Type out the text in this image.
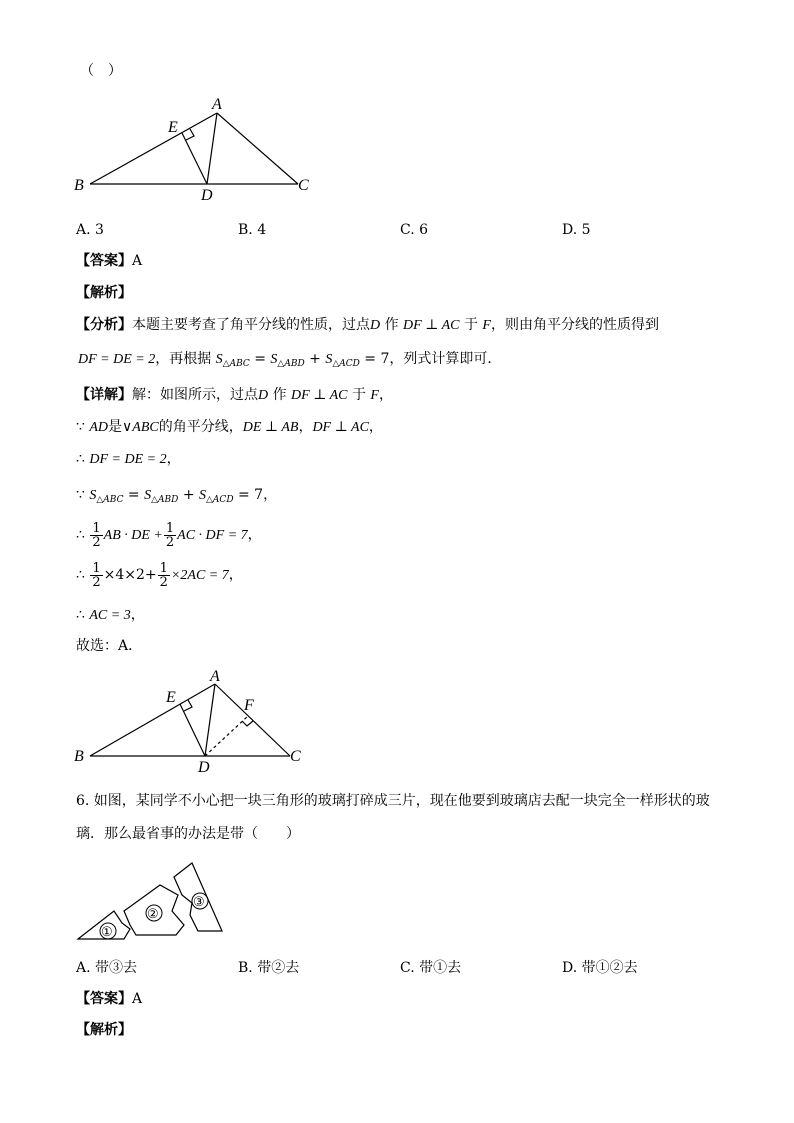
（　）
A
E
B
D
C
A. 3	B. 4	C. 6	D. 5
【答案】A
【解析】
【分析】本题主要考查了角平分线的性质，过点D 作 DF ⊥ AC 于 F，则由角平分线的性质得到
DF = DE = 2，再根据 $S_{\triangle ABC} = S_{\triangle ABD} + S_{\triangle ACD} = 7$，列式计算即可．
【详解】解：如图所示，过点D 作 DF ⊥ AC 于 F，
∵ AD是∨ABC的角平分线，DE ⊥ AB，DF ⊥ AC，
∴ DF = DE = 2，
∵ $S_{\triangle ABC} = S_{\triangle ABD} + S_{\triangle ACD} = 7$，
∴ $\frac{1}{2}$ AB · DE + $\frac{1}{2}$ AC · DF = 7，
∴ $\frac{1}{2} \times 4\times 2+ \frac{1}{2} \times 2AC = 7$，
∴ AC = 3，
故选：A．
A
E	F
B
D
C
6. 如图，某同学不小心把一块三角形的玻璃打碎成三片，现在他要到玻璃店去配一块完全一样形状的玻
璃．那么最省事的办法是带（　　）
①
②
③
A. 带③去	B. 带②去	C. 带①去	D. 带①②去
【答案】A
【解析】
